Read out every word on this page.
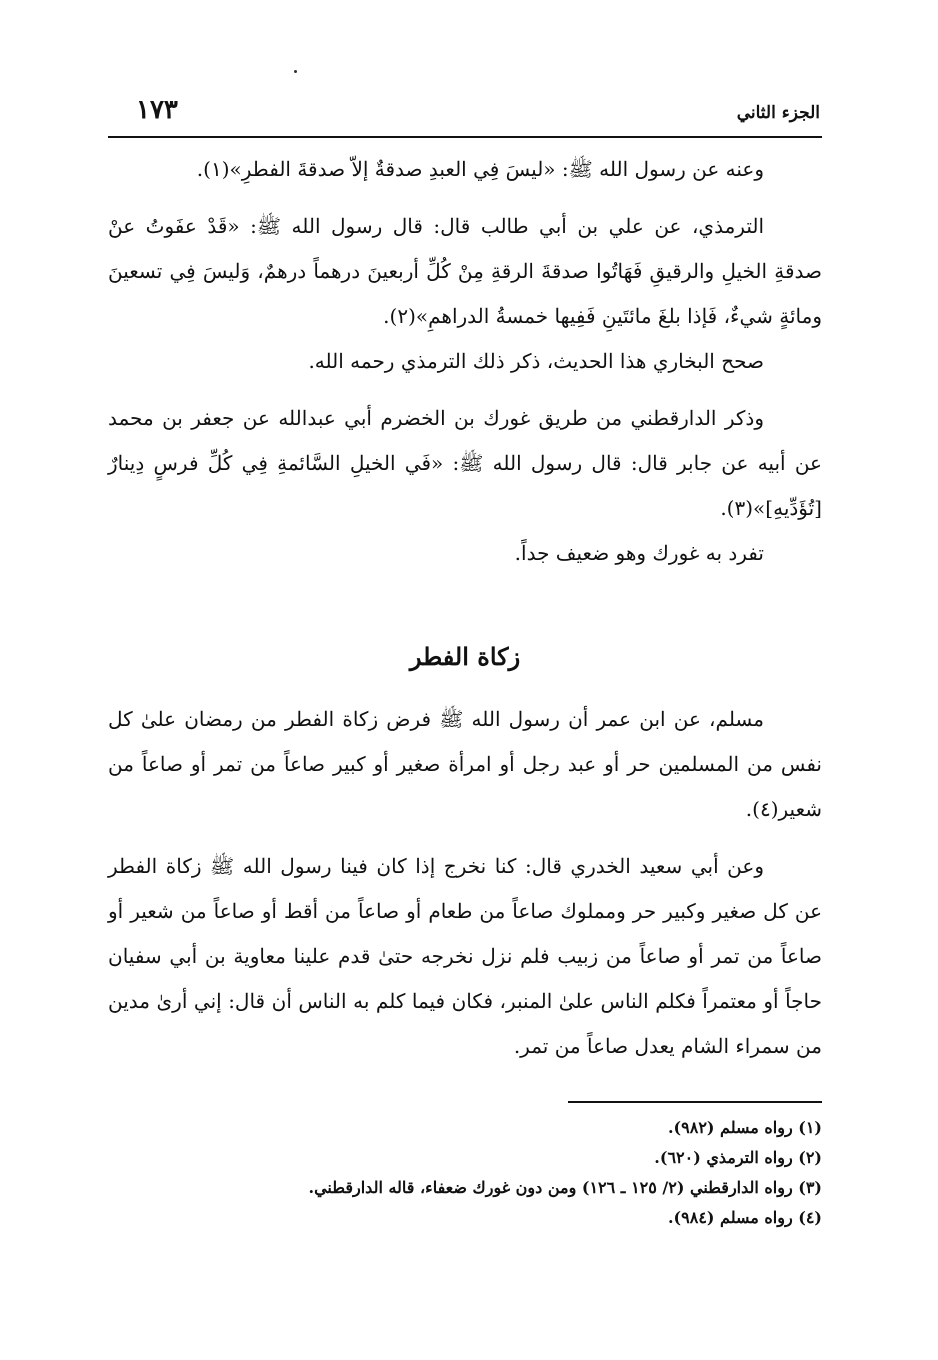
الجزء الثاني
١٧٣

وعنه عن رسول الله ﷺ: «ليسَ فِي العبدِ صدقةٌ إلاّ صدقةَ الفطرِ»(١).

الترمذي، عن علي بن أبي طالب قال: قال رسول الله ﷺ: «قَدْ عفَوتُ عنْ صدقةِ الخيلِ والرقيقِ فَهَاتُوا صدقةَ الرقةِ مِنْ كُلِّ أربعينَ درهماً درهمٌ، وَليسَ فِي تسعينَ ومائةٍ شيءٌ، فَإذا بلغَ مائتَينِ فَفِيها خمسةُ الدراهمِ»(٢).

صحح البخاري هذا الحديث، ذكر ذلك الترمذي رحمه الله.

وذكر الدارقطني من طريق غورك بن الخضرم أبي عبدالله عن جعفر بن محمد عن أبيه عن جابر قال: قال رسول الله ﷺ: «فَي الخيلِ السَّائمةِ فِي كُلِّ فرسٍ دِينارٌ [تُؤَدِّيهِ]»(٣).

تفرد به غورك وهو ضعيف جداً.

زكاة الفطر

مسلم، عن ابن عمر أن رسول الله ﷺ فرض زكاة الفطر من رمضان علىٰ كل نفس من المسلمين حر أو عبد رجل أو امرأة صغير أو كبير صاعاً من تمر أو صاعاً من شعير(٤).

وعن أبي سعيد الخدري قال: كنا نخرج إذا كان فينا رسول الله ﷺ زكاة الفطر عن كل صغير وكبير حر ومملوك صاعاً من طعام أو صاعاً من أقط أو صاعاً من شعير أو صاعاً من تمر أو صاعاً من زبيب فلم نزل نخرجه حتىٰ قدم علينا معاوية بن أبي سفيان حاجاً أو معتمراً فكلم الناس علىٰ المنبر، فكان فيما كلم به الناس أن قال: إني أرىٰ مدين من سمراء الشام يعدل صاعاً من تمر.

(١) رواه مسلم (٩٨٢).
(٢) رواه الترمذي (٦٢٠).
(٣) رواه الدارقطني (٢/ ١٢٥ ـ ١٢٦) ومن دون غورك ضعفاء، قاله الدارقطني.
(٤) رواه مسلم (٩٨٤).
